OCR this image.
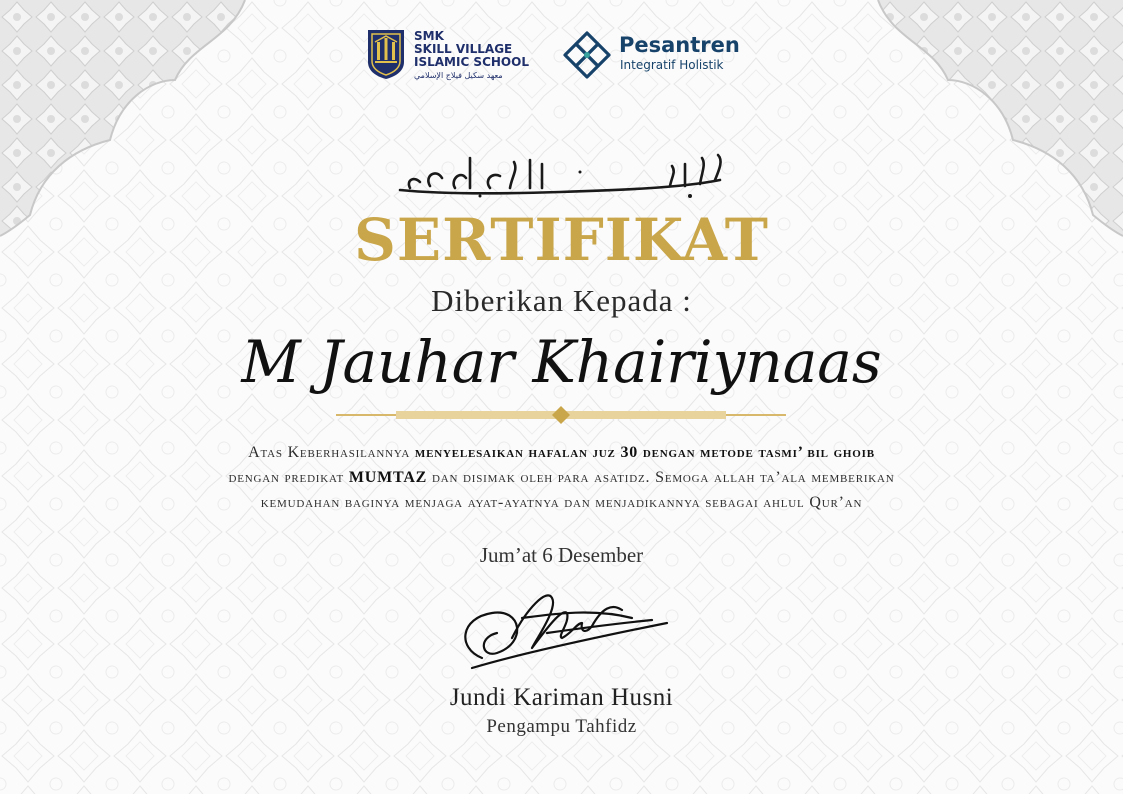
SMK
SKILL VILLAGE
ISLAMIC SCHOOL
معهد سكيل فيلاج الإسلامي
Pesantren
Integratif Holistik
SERTIFIKAT
Diberikan Kepada :
M Jauhar Khairiynaas
Atas Keberhasilannya menyelesaikan hafalan juz 30 dengan metode tasmi’ bil ghoib
dengan predikat MUMTAZ dan disimak oleh para asatidz. Semoga allah ta’ala memberikan
kemudahan baginya menjaga ayat-ayatnya dan menjadikannya sebagai ahlul Qur’an
Jum’at 6 Desember
Jundi Kariman Husni
Pengampu Tahfidz
